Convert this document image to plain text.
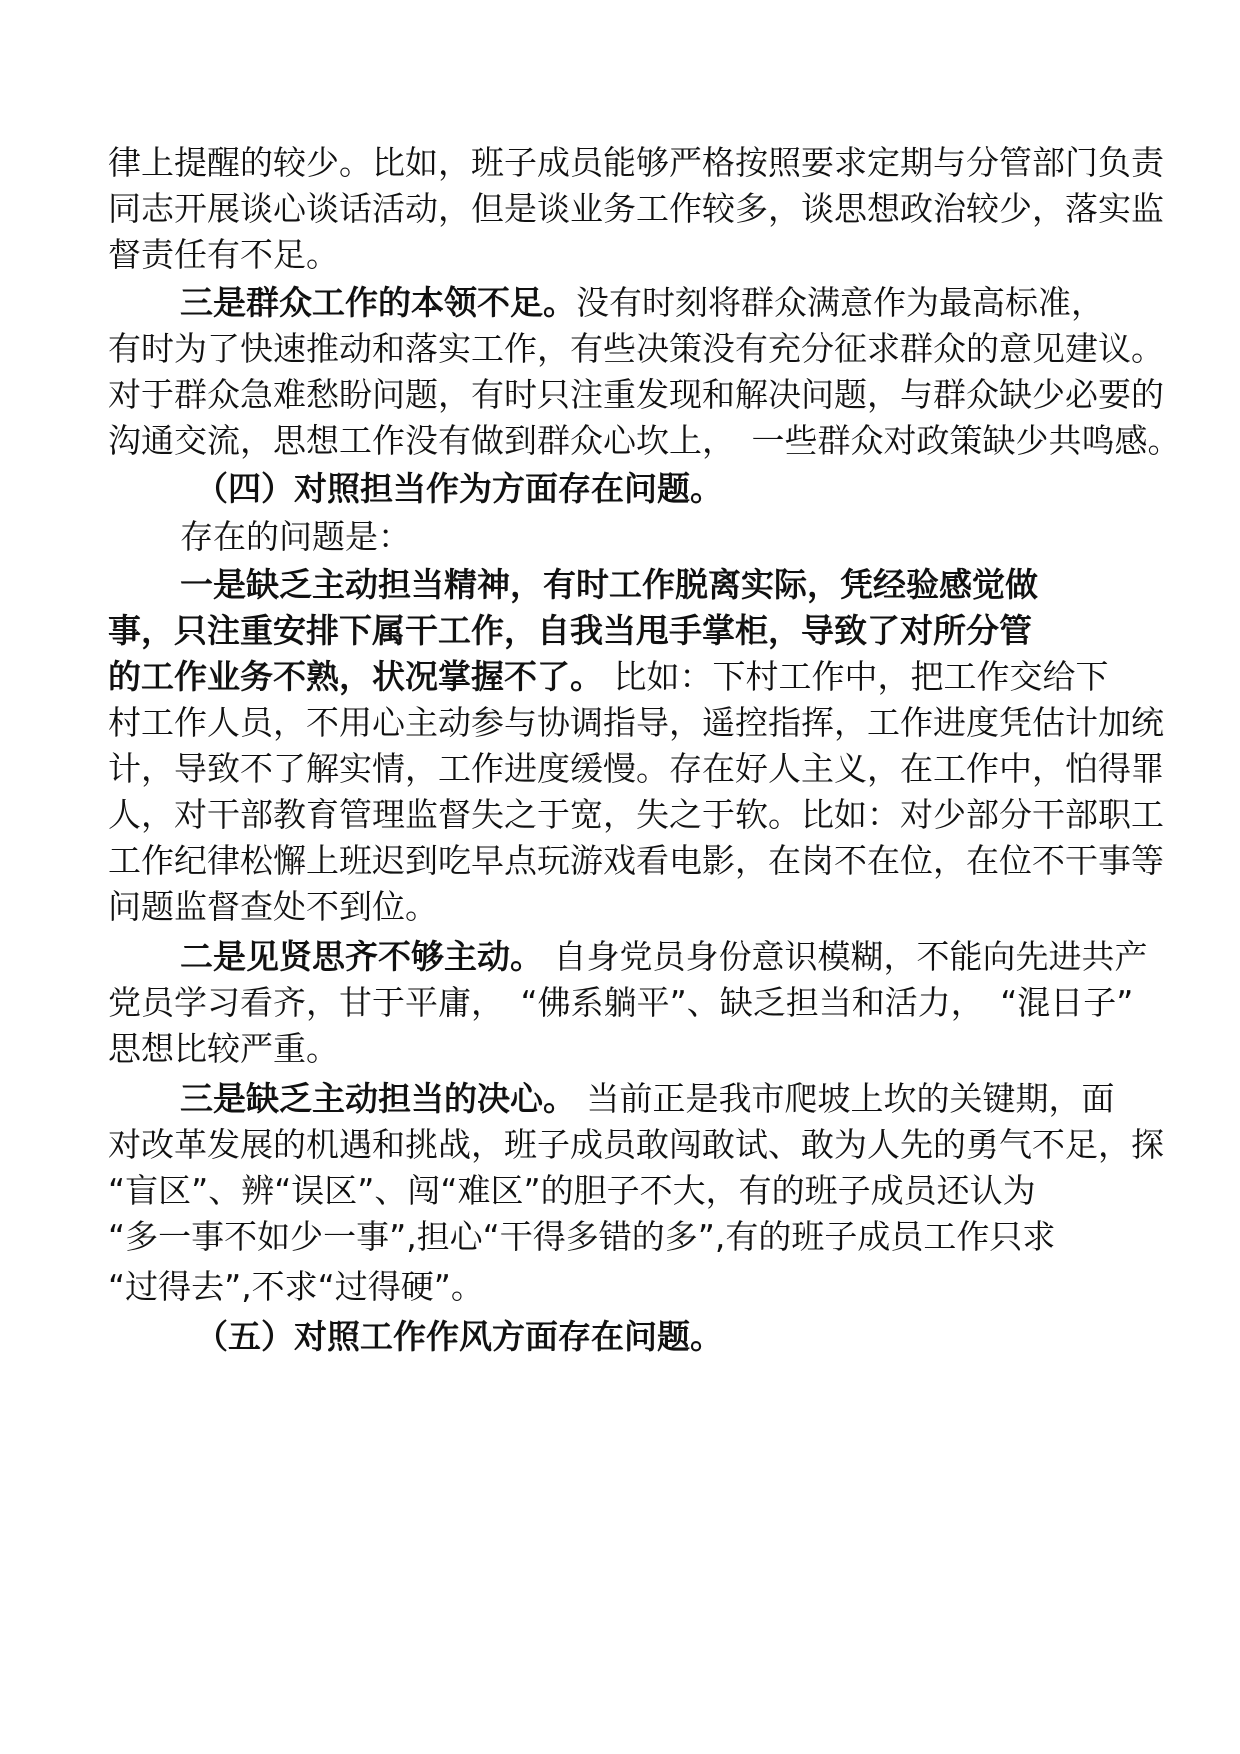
律上提醒的较少。比如，班子成员能够严格按照要求定期与分管部门负责
同志开展谈心谈话活动，但是谈业务工作较多，谈思想政治较少，落实监
督责任有不足。
三是群众工作的本领不足。没有时刻将群众满意作为最高标准，
有时为了快速推动和落实工作，有些决策没有充分征求群众的意见建议。
对于群众急难愁盼问题，有时只注重发现和解决问题，与群众缺少必要的
沟通交流，思想工作没有做到群众心坎上，　一些群众对政策缺少共鸣感。
（四）对照担当作为方面存在问题。
存在的问题是：
一是缺乏主动担当精神，有时工作脱离实际，凭经验感觉做
事，只注重安排下属干工作，自我当甩手掌柜，导致了对所分管
的工作业务不熟，状况掌握不了。 比如：下村工作中，把工作交给下
村工作人员，不用心主动参与协调指导，遥控指挥，工作进度凭估计加统
计，导致不了解实情，工作进度缓慢。存在好人主义，在工作中，怕得罪
人，对干部教育管理监督失之于宽，失之于软。比如：对少部分干部职工
工作纪律松懈上班迟到吃早点玩游戏看电影，在岗不在位，在位不干事等
问题监督查处不到位。
二是见贤思齐不够主动。 自身党员身份意识模糊，不能向先进共产
党员学习看齐，甘于平庸，　“佛系躺平”、缺乏担当和活力，　“混日子”
思想比较严重。
三是缺乏主动担当的决心。 当前正是我市爬坡上坎的关键期，面
对改革发展的机遇和挑战，班子成员敢闯敢试、敢为人先的勇气不足，探
“盲区”、辨“误区”、闯“难区”的胆子不大，有的班子成员还认为
“多一事不如少一事”,担心“干得多错的多”,有的班子成员工作只求
“过得去”,不求“过得硬”。
（五）对照工作作风方面存在问题。
